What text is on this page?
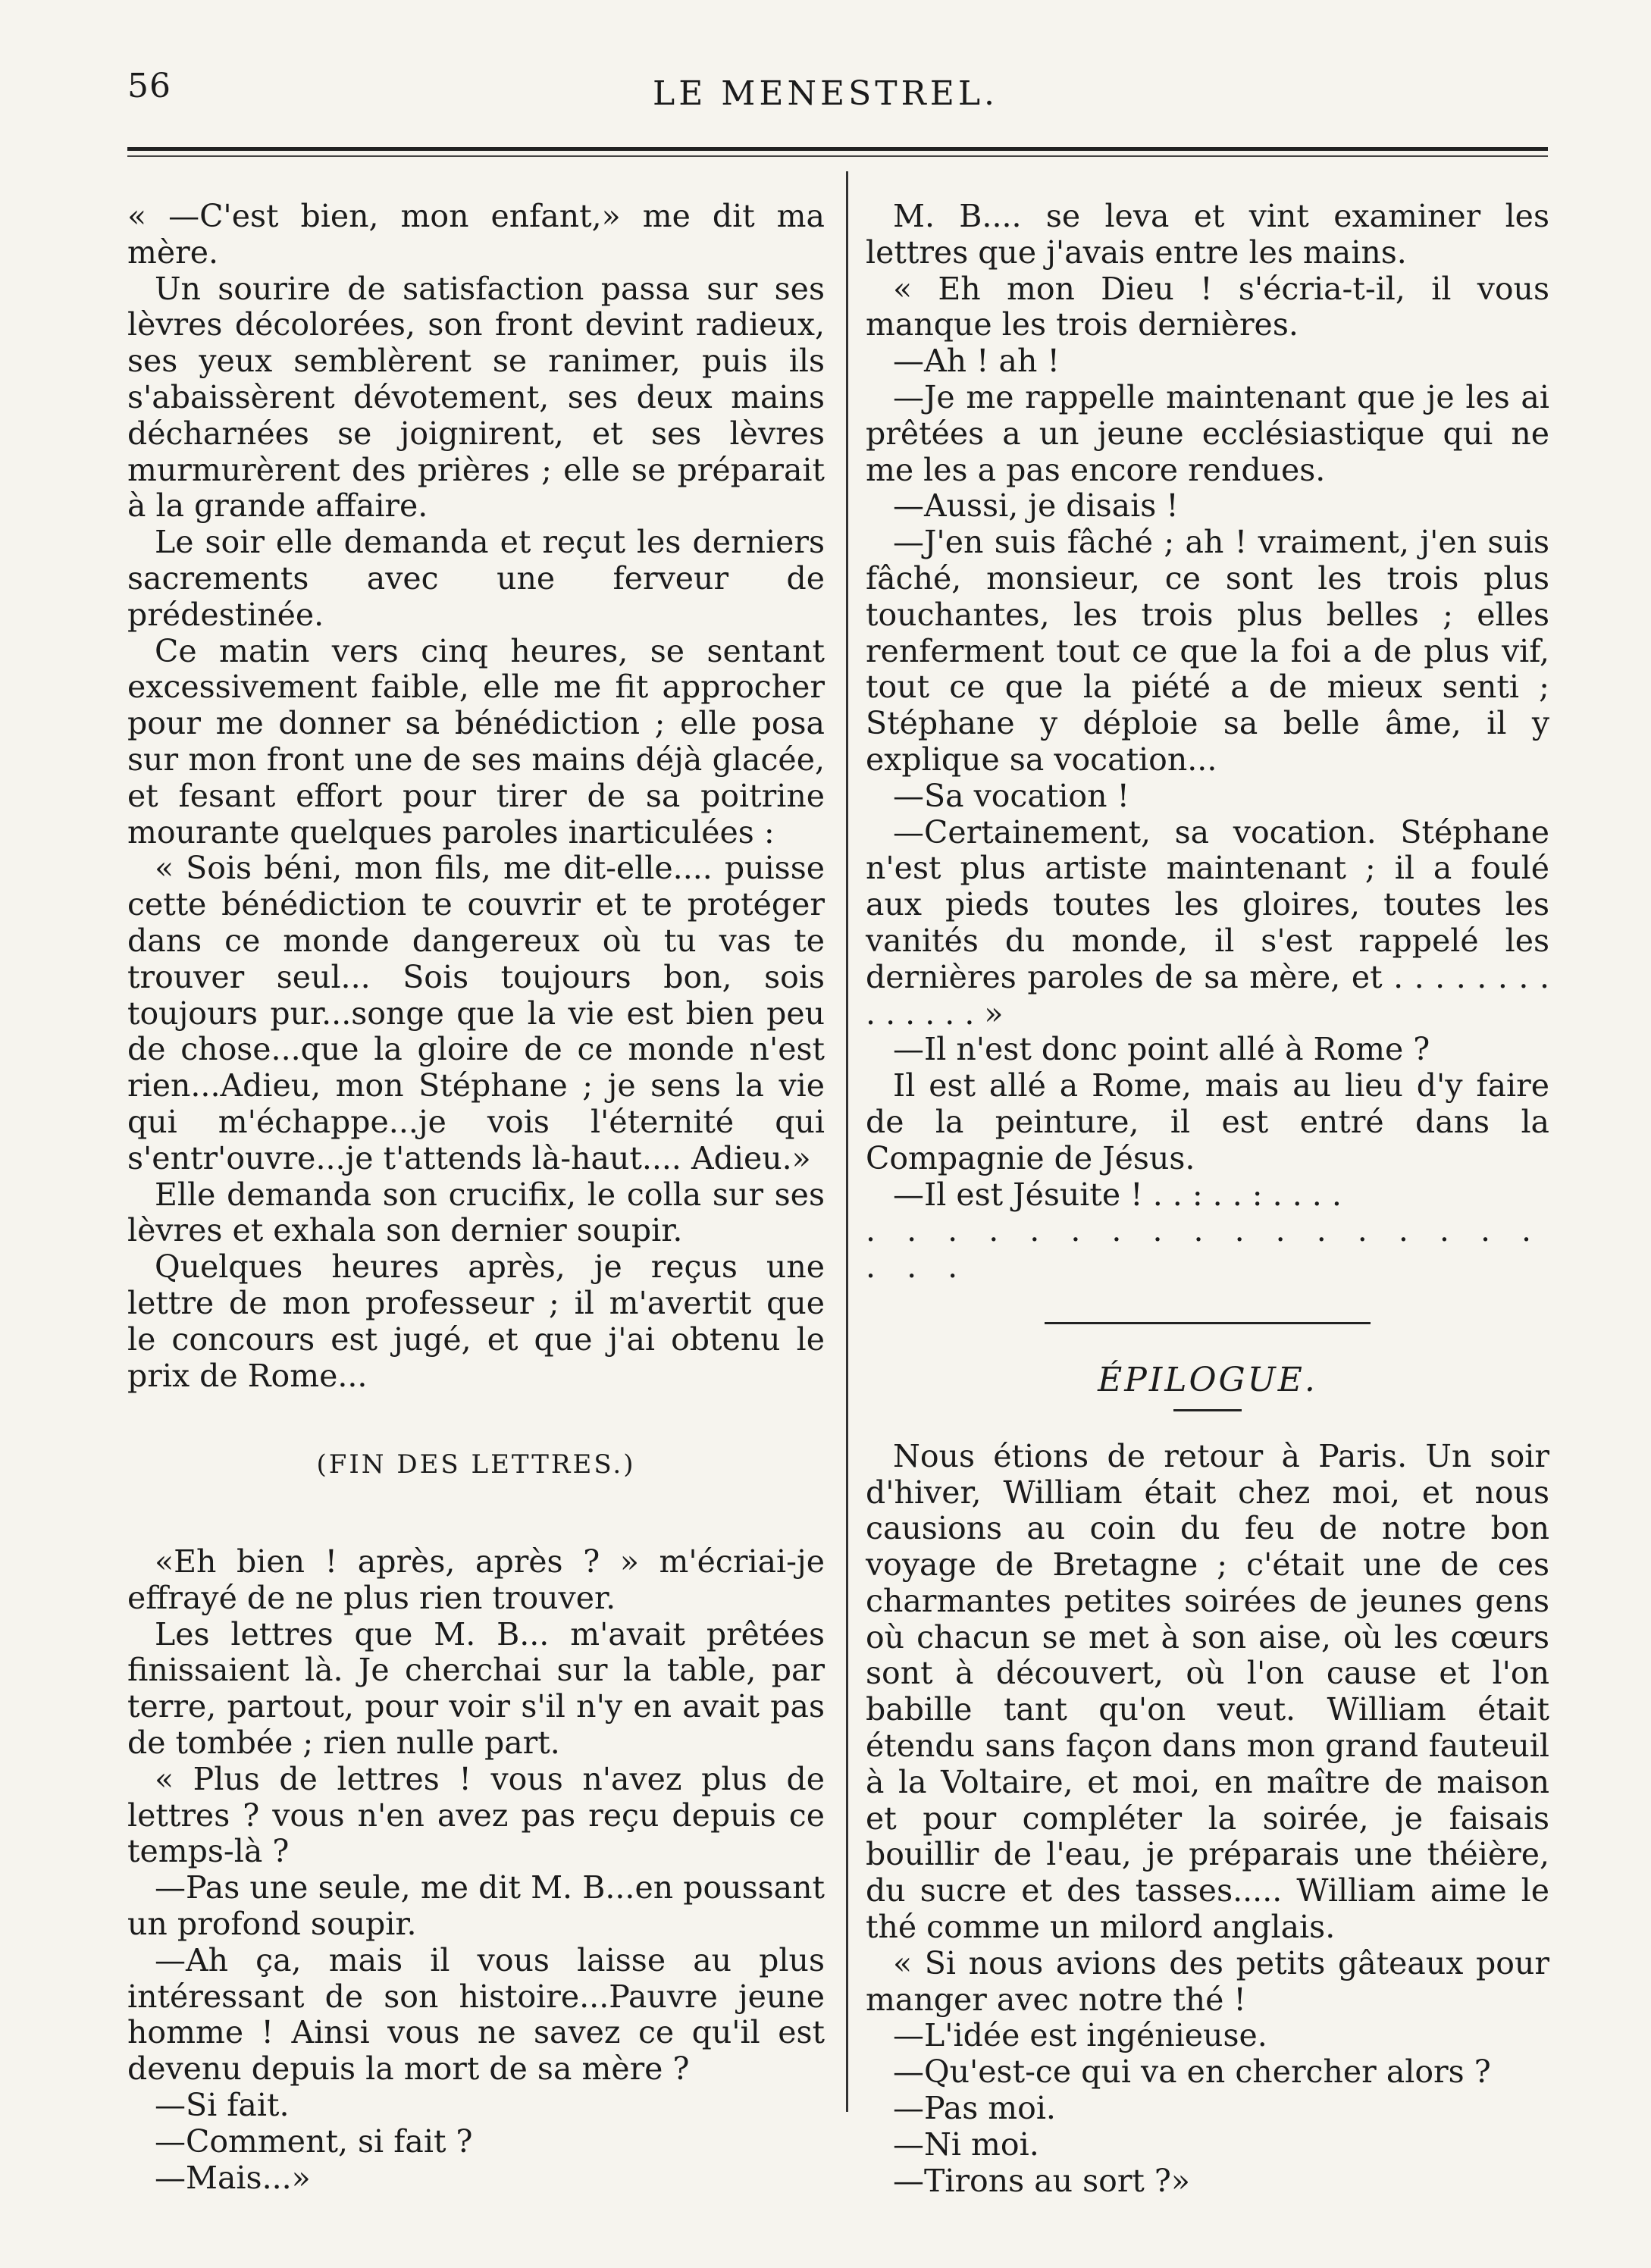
56	LE MENESTREL.

« —C'est bien, mon enfant,» me dit ma mère.

Un sourire de satisfaction passa sur ses lèvres décolorées, son front devint radieux, ses yeux semblèrent se ranimer, puis ils s'abaissèrent dévotement, ses deux mains décharnées se joignirent, et ses lèvres murmurèrent des prières ; elle se préparait à la grande affaire.

Le soir elle demanda et reçut les derniers sacrements avec une ferveur de prédestinée.

Ce matin vers cinq heures, se sentant excessivement faible, elle me fit approcher pour me donner sa bénédiction ; elle posa sur mon front une de ses mains déjà glacée, et fesant effort pour tirer de sa poitrine mourante quelques paroles inarticulées :

« Sois béni, mon fils, me dit-elle.... puisse cette bénédiction te couvrir et te protéger dans ce monde dangereux où tu vas te trouver seul... Sois toujours bon, sois toujours pur...songe que la vie est bien peu de chose...que la gloire de ce monde n'est rien...Adieu, mon Stéphane ; je sens la vie qui m'échappe...je vois l'éternité qui s'entr'ouvre...je t'attends là-haut.... Adieu.»

Elle demanda son crucifix, le colla sur ses lèvres et exhala son dernier soupir.

Quelques heures après, je reçus une lettre de mon professeur ; il m'avertit que le concours est jugé, et que j'ai obtenu le prix de Rome...

(FIN DES LETTRES.)

«Eh bien ! après, après ? » m'écriai-je effrayé de ne plus rien trouver.

Les lettres que M. B... m'avait prêtées finissaient là. Je cherchai sur la table, par terre, partout, pour voir s'il n'y en avait pas de tombée ; rien nulle part.

« Plus de lettres ! vous n'avez plus de lettres ? vous n'en avez pas reçu depuis ce temps-là ?

—Pas une seule, me dit M. B...en poussant un profond soupir.

—Ah ça, mais il vous laisse au plus intéressant de son histoire...Pauvre jeune homme ! Ainsi vous ne savez ce qu'il est devenu depuis la mort de sa mère ?

—Si fait.

—Comment, si fait ?

—Mais...»

M. B.... se leva et vint examiner les lettres que j'avais entre les mains.

« Eh mon Dieu ! s'écria-t-il, il vous manque les trois dernières.

—Ah ! ah !

—Je me rappelle maintenant que je les ai prêtées a un jeune ecclésiastique qui ne me les a pas encore rendues.

—Aussi, je disais !

—J'en suis fâché ; ah ! vraiment, j'en suis fâché, monsieur, ce sont les trois plus touchantes, les trois plus belles ; elles renferment tout ce que la foi a de plus vif, tout ce que la piété a de mieux senti ; Stéphane y déploie sa belle âme, il y explique sa vocation...

—Sa vocation !

—Certainement, sa vocation. Stéphane n'est plus artiste maintenant ; il a foulé aux pieds toutes les gloires, toutes les vanités du monde, il s'est rappelé les dernières paroles de sa mère, et . . . . . . . . . . . . . . »

—Il n'est donc point allé à Rome ?

Il est allé a Rome, mais au lieu d'y faire de la peinture, il est entré dans la Compagnie de Jésus.

—Il est Jésuite ! . . : . . : . . . .

. . . . . . . . . . . . . . . . . . . .

ÉPILOGUE.

Nous étions de retour à Paris. Un soir d'hiver, William était chez moi, et nous causions au coin du feu de notre bon voyage de Bretagne ; c'était une de ces charmantes petites soirées de jeunes gens où chacun se met à son aise, où les cœurs sont à découvert, où l'on cause et l'on babille tant qu'on veut. William était étendu sans façon dans mon grand fauteuil à la Voltaire, et moi, en maître de maison et pour compléter la soirée, je faisais bouillir de l'eau, je préparais une théière, du sucre et des tasses..... William aime le thé comme un milord anglais.

« Si nous avions des petits gâteaux pour manger avec notre thé !

—L'idée est ingénieuse.

—Qu'est-ce qui va en chercher alors ?

—Pas moi.

—Ni moi.

—Tirons au sort ?»
